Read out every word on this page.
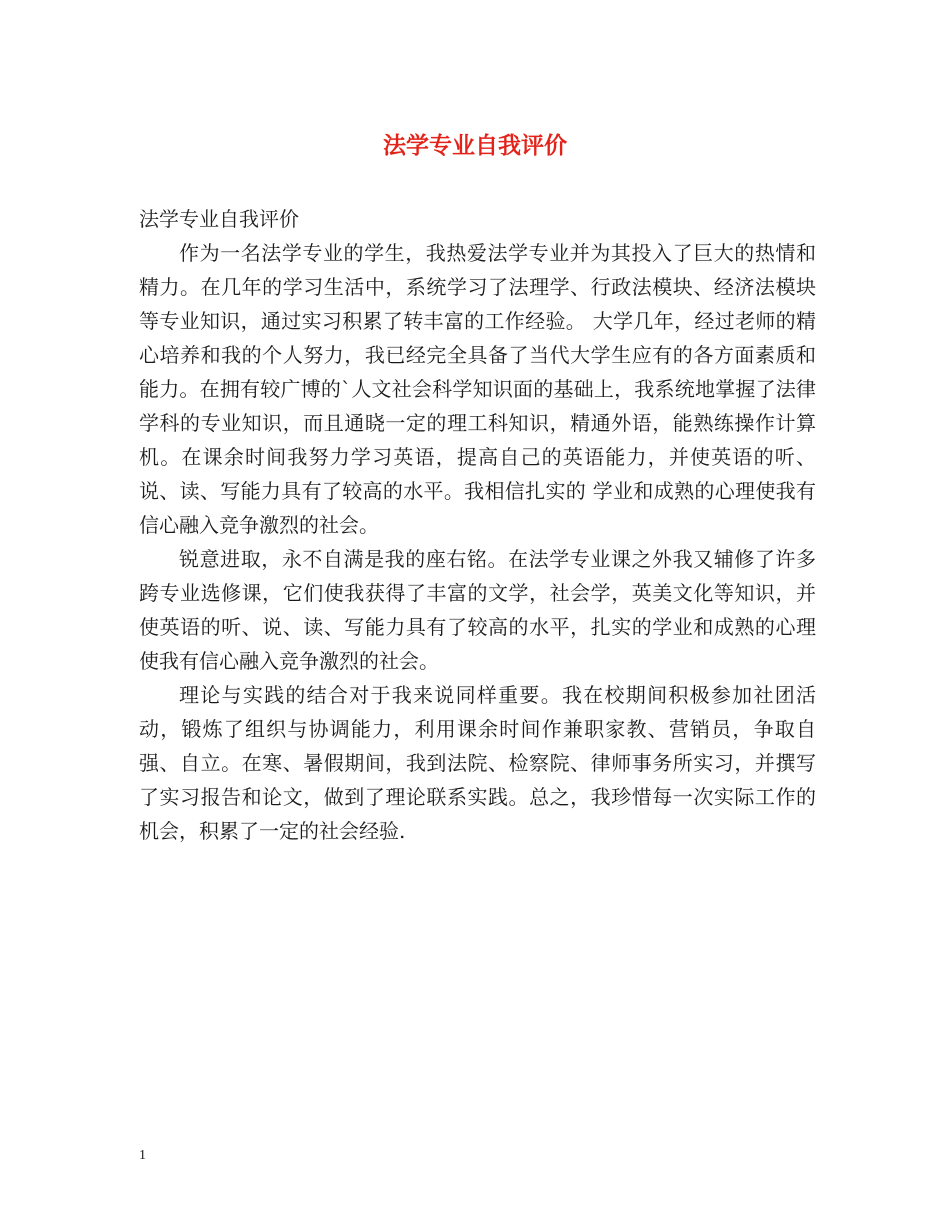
法学专业自我评价

法学专业自我评价

作为一名法学专业的学生，我热爱法学专业并为其投入了巨大的热情和精力。在几年的学习生活中，系统学习了法理学、行政法模块、经济法模块等专业知识，通过实习积累了转丰富的工作经验。 大学几年，经过老师的精心培养和我的个人努力，我已经完全具备了当代大学生应有的各方面素质和能力。在拥有较广博的`人文社会科学知识面的基础上，我系统地掌握了法律学科的专业知识，而且通晓一定的理工科知识，精通外语，能熟练操作计算机。在课余时间我努力学习英语，提高自己的英语能力，并使英语的听、说、读、写能力具有了较高的水平。我相信扎实的 学业和成熟的心理使我有信心融入竞争激烈的社会。

锐意进取，永不自满是我的座右铭。在法学专业课之外我又辅修了许多跨专业选修课，它们使我获得了丰富的文学，社会学，英美文化等知识，并使英语的听、说、读、写能力具有了较高的水平，扎实的学业和成熟的心理使我有信心融入竞争激烈的社会。

理论与实践的结合对于我来说同样重要。我在校期间积极参加社团活动，锻炼了组织与协调能力，利用课余时间作兼职家教、营销员，争取自强、自立。在寒、暑假期间，我到法院、检察院、律师事务所实习，并撰写了实习报告和论文，做到了理论联系实践。总之，我珍惜每一次实际工作的机会，积累了一定的社会经验.

1
